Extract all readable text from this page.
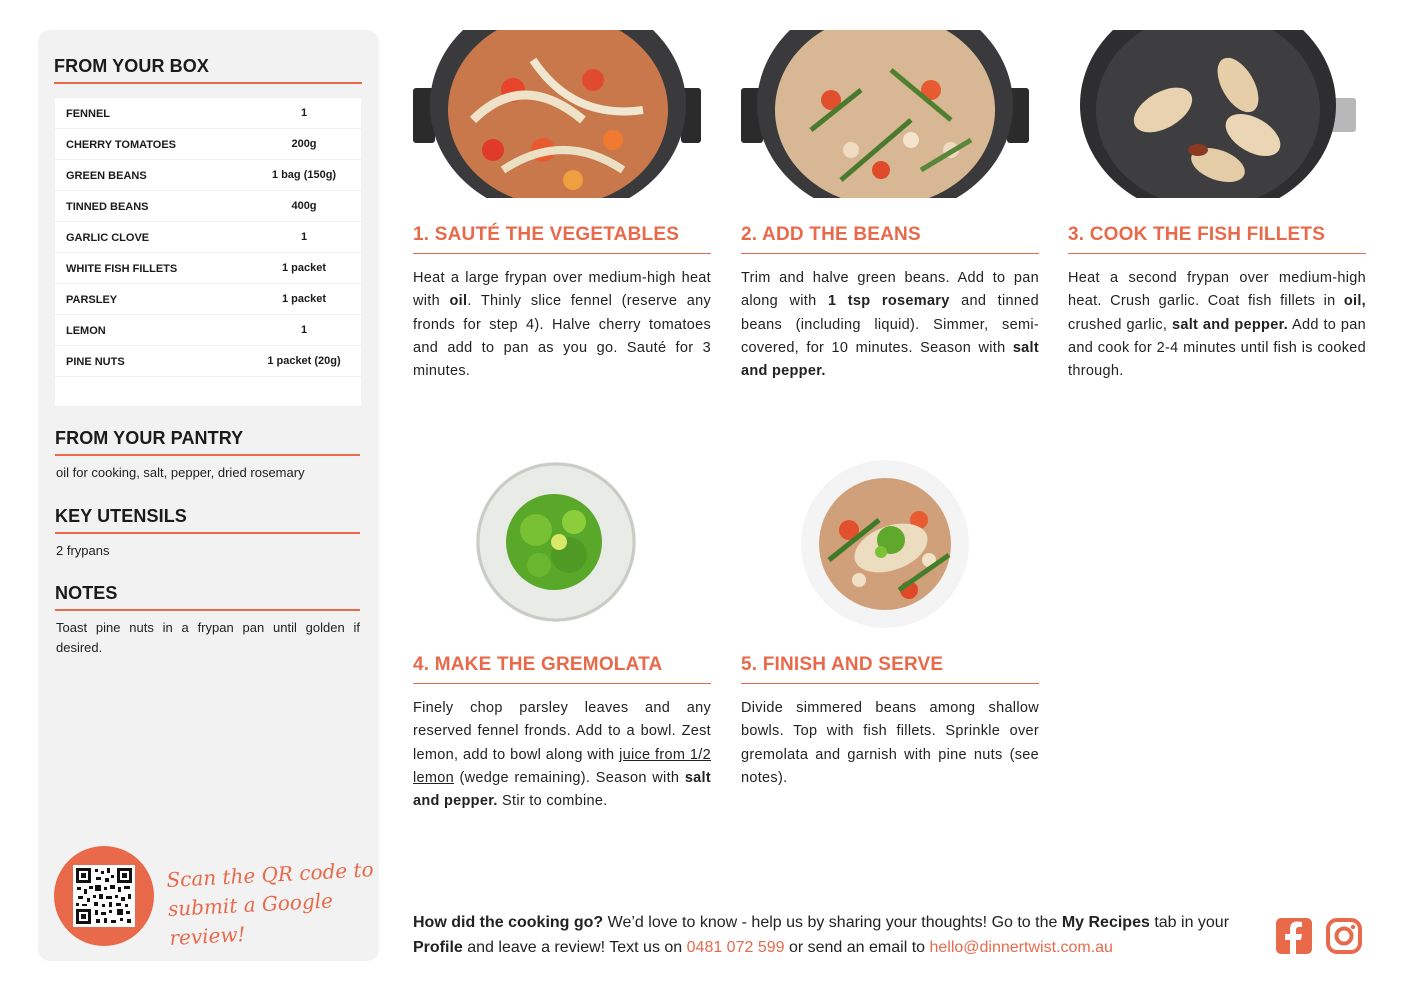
FROM YOUR BOX
FENNEL	1
CHERRY TOMATOES	200g
GREEN BEANS	1 bag (150g)
TINNED BEANS	400g
GARLIC CLOVE	1
WHITE FISH FILLETS	1 packet
PARSLEY	1 packet
LEMON	1
PINE NUTS	1 packet (20g)
FROM YOUR PANTRY
oil for cooking, salt, pepper, dried rosemary
KEY UTENSILS
2 frypans
NOTES
Toast pine nuts in a frypan pan until golden if desired.
Scan the QR code to
submit a Google review!
1. SAUTÉ THE VEGETABLES
Heat a large frypan over medium-high heat with oil. Thinly slice fennel (reserve any fronds for step 4). Halve cherry tomatoes and add to pan as you go. Sauté for 3 minutes.
2. ADD THE BEANS
Trim and halve green beans. Add to pan along with 1 tsp rosemary and tinned beans (including liquid). Simmer, semi-covered, for 10 minutes. Season with salt and pepper.
3. COOK THE FISH FILLETS
Heat a second frypan over medium-high heat. Crush garlic. Coat fish fillets in oil, crushed garlic, salt and pepper. Add to pan and cook for 2-4 minutes until fish is cooked through.
4. MAKE THE GREMOLATA
Finely chop parsley leaves and any reserved fennel fronds. Add to a bowl. Zest lemon, add to bowl along with juice from 1/2 lemon (wedge remaining). Season with salt and pepper. Stir to combine.
5. FINISH AND SERVE
Divide simmered beans among shallow bowls. Top with fish fillets. Sprinkle over gremolata and garnish with pine nuts (see notes).
How did the cooking go? We’d love to know - help us by sharing your thoughts! Go to the My Recipes tab in your Profile and leave a review! Text us on 0481 072 599 or send an email to hello@dinnertwist.com.au
